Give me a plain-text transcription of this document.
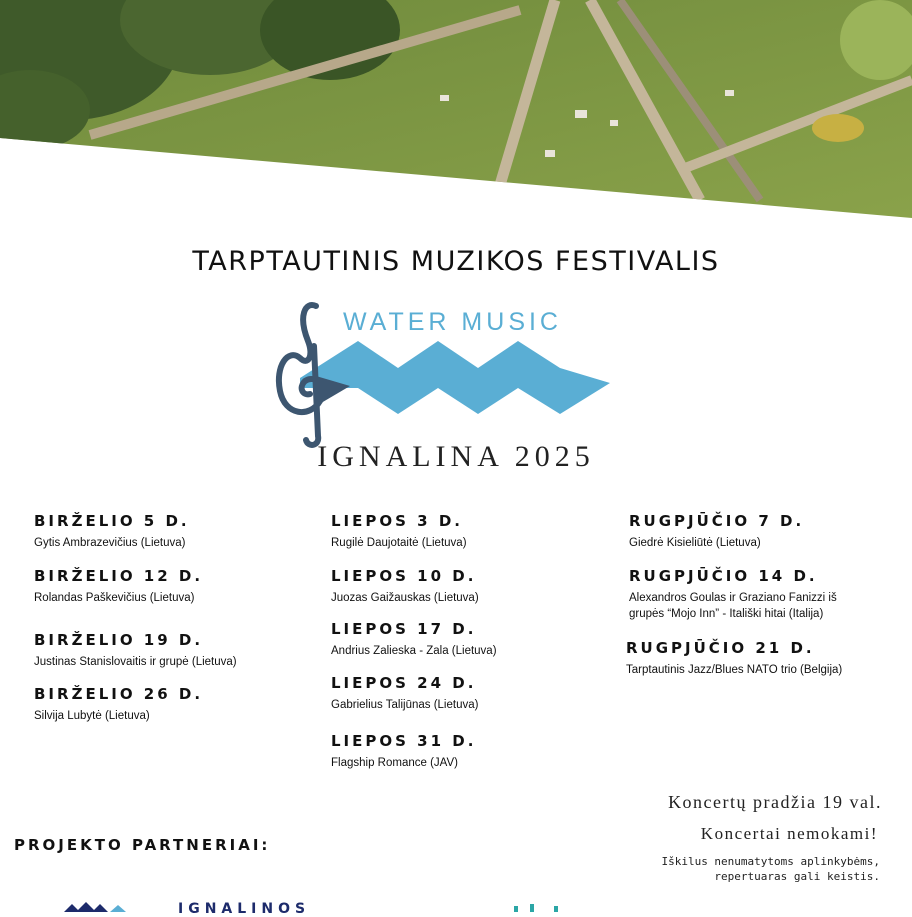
TARPTAUTINIS MUZIKOS FESTIVALIS
WATER MUSIC
IGNALINA 2025
BIRŽELIO 5 D.
Gytis Ambrazevičius (Lietuva)
BIRŽELIO 12 D.
Rolandas Paškevičius (Lietuva)
BIRŽELIO 19 D.
Justinas Stanislovaitis ir grupė (Lietuva)
BIRŽELIO 26 D.
Silvija Lubytė (Lietuva)
LIEPOS 3 D.
Rugilė Daujotaitė (Lietuva)
LIEPOS 10 D.
Juozas Gaižauskas (Lietuva)
LIEPOS 17 D.
Andrius Zalieska - Zala (Lietuva)
LIEPOS 24 D.
Gabrielius Talijūnas (Lietuva)
LIEPOS 31 D.
Flagship Romance (JAV)
RUGPJŪČIO 7 D.
Giedrė Kisieliūtė (Lietuva)
RUGPJŪČIO 14 D.
Alexandros Goulas ir Graziano Fanizzi iš
grupės “Mojo Inn” - Itališki hitai (Italija)
RUGPJŪČIO 21 D.
Tarptautinis Jazz/Blues NATO trio (Belgija)
Koncertų pradžia 19 val.
Koncertai nemokami!
Iškilus nenumatytoms aplinkybėms,
repertuaras gali keistis.
PROJEKTO PARTNERIAI:
IGNALINOS
